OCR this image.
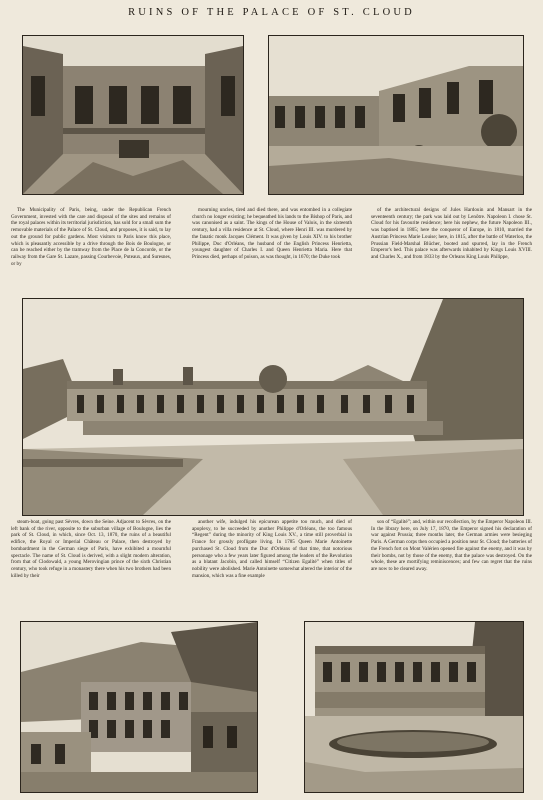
RUINS OF THE PALACE OF ST. CLOUD

The Municipality of Paris, being, under the Republican French Government, invested with the care and disposal of the sites and remains of the royal palaces within its territorial jurisdiction, has sold for a small sum the removable materials of the Palace of St. Cloud, and proposes, it is said, to lay out the ground for public gardens. Most visitors to Paris know this place, which is pleasantly accessible by a drive through the Bois de Boulogne, or can be reached either by the tramway from the Place de la Concorde, or the railway from the Gare St. Lazare, passing Courbevoie, Puteaux, and Suresnes, or by

mourning uncles, tired and died there, and was entombed in a collegiate church no longer existing; he bequeathed his lands to the Bishop of Paris, and was canonised as a saint. The kings of the House of Valois, in the sixteenth century, had a villa residence at St. Cloud, where Henri III. was murdered by the fanatic monk Jacques Clément. It was given by Louis XIV. to his brother Philippe, Duc d'Orléans, the husband of the English Princess Henrietta, youngest daughter of Charles I. and Queen Henrietta Maria. Here that Princess died, perhaps of poison, as was thought, in 1670; the Duke took

of the architectural designs of Jules Hardouin and Mansart in the seventeenth century; the park was laid out by Lenôtre. Napoleon I. chose St. Cloud for his favourite residence; here his nephew, the future Napoleon III., was baptised in 1805; here the conqueror of Europe, in 1810, married the Austrian Princess Marie Louise; here, in 1815, after the battle of Waterloo, the Prussian Field-Marshal Blücher, booted and spurred, lay in the French Emperor's bed. This palace was afterwards inhabited by Kings Louis XVIII. and Charles X., and from 1833 by the Orleans King Louis Philippe,

steam-boat, going past Sèvres, down the Seine. Adjacent to Sèvres, on the left bank of the river, opposite to the suburban village of Boulogne, lies the park of St. Cloud, in which, since Oct. 13, 1870, the ruins of a beautiful edifice, the Royal or Imperial Château or Palace, then destroyed by bombardment in the German siege of Paris, have exhibited a mournful spectacle. The name of St. Cloud is derived, with a slight modern alteration, from that of Clodowald, a young Merovingian prince of the sixth Christian century, who took refuge in a monastery there when his two brothers had been killed by their

another wife, indulged his epicurean appetite too much, and died of apoplexy, to be succeeded by another Philippe d'Orléans, the too famous “Regent” during the minority of King Louis XV., a time still proverbial in France for grossly profligate living. In 1785 Queen Marie Antoinette purchased St. Cloud from the Duc d'Orléans of that time, that notorious personage who a few years later figured among the leaders of the Revolution as a blatant Jacobin, and called himself “Citizen Egalité” when titles of nobility were abolished. Marie Antoinette somewhat altered the interior of the mansion, which was a fine example

son of “Egalité”; and, within our recollection, by the Emperor Napoleon III. In the library here, on July 17, 1870, the Emperor signed his declaration of war against Prussia; three months later, the German armies were besieging Paris. A German corps then occupied a position near St. Cloud; the batteries of the French fort on Mont Valérien opened fire against the enemy, and it was by their bombs, not by those of the enemy, that the palace was destroyed. On the whole, these are mortifying reminiscences; and few can regret that the ruins are now to be cleared away.
